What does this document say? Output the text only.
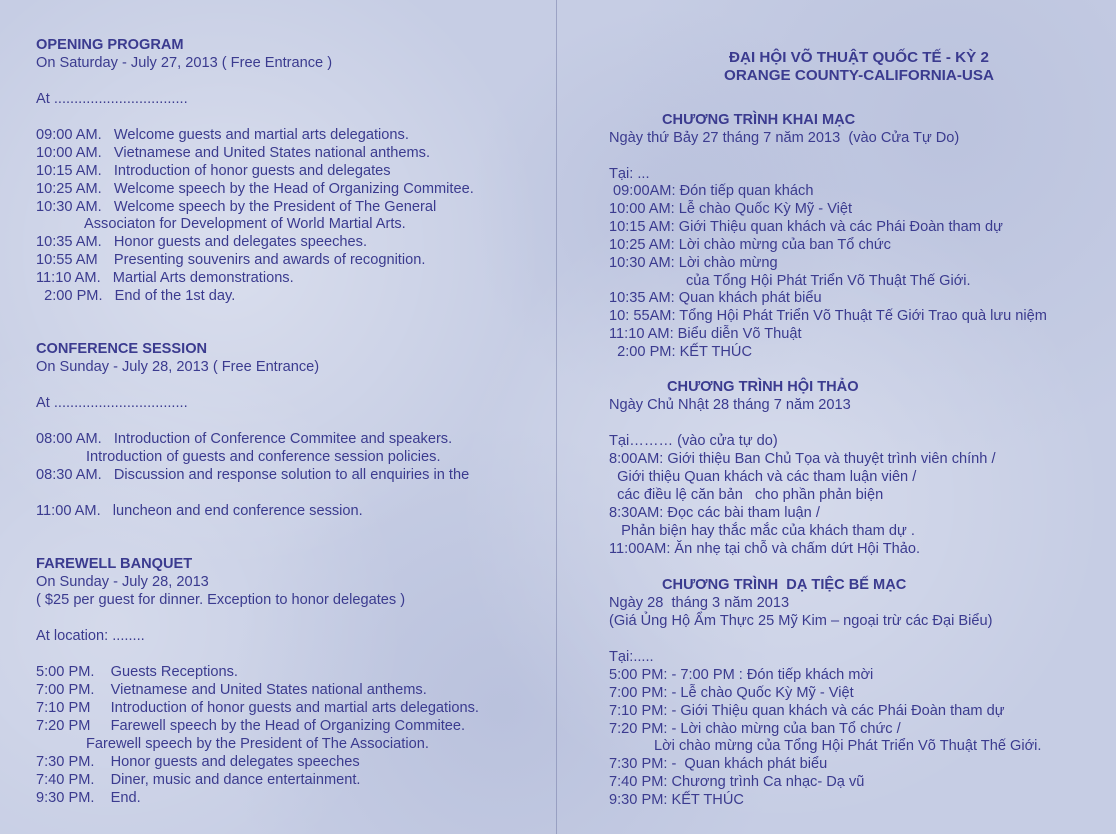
OPENING PROGRAM
On Saturday - July 27, 2013 ( Free Entrance )
At .................................
09:00 AM.   Welcome guests and martial arts delegations.
10:00 AM.   Vietnamese and United States national anthems.
10:15 AM.   Introduction of honor guests and delegates
10:25 AM.   Welcome speech by the Head of Organizing Commitee.
10:30 AM.   Welcome speech by the President of The General
Associaton for Development of World Martial Arts.
10:35 AM.   Honor guests and delegates speeches.
10:55 AM    Presenting souvenirs and awards of recognition.
11:10 AM.   Martial Arts demonstrations.
2:00 PM.   End of the 1st day.
CONFERENCE SESSION
On Sunday - July 28, 2013 ( Free Entrance)
At .................................
08:00 AM.   Introduction of Conference Commitee and speakers.
Introduction of guests and conference session policies.
08:30 AM.   Discussion and response solution to all enquiries in the
11:00 AM.   luncheon and end conference session.
FAREWELL BANQUET
On Sunday - July 28, 2013
( $25 per guest for dinner. Exception to honor delegates )
At location: ........
5:00 PM.    Guests Receptions.
7:00 PM.    Vietnamese and United States national anthems.
7:10 PM     Introduction of honor guests and martial arts delegations.
7:20 PM     Farewell speech by the Head of Organizing Commitee.
Farewell speech by the President of The Association.
7:30 PM.    Honor guests and delegates speeches
7:40 PM.    Diner, music and dance entertainment.
9:30 PM.    End.
ĐẠI HỘI VÕ THUẬT QUỐC TẾ - KỲ 2
ORANGE COUNTY-CALIFORNIA-USA
CHƯƠNG TRÌNH KHAI MẠC
Ngày thứ Bảy 27 tháng 7 năm 2013  (vào Cửa Tự Do)
Tại: ...
09:00AM: Đón tiếp quan khách
10:00 AM: Lễ chào Quốc Kỳ Mỹ - Việt
10:15 AM: Giới Thiệu quan khách và các Phái Đoàn tham dự
10:25 AM: Lời chào mừng của ban Tổ chức
10:30 AM: Lời chào mừng
của Tổng Hội Phát Triển Võ Thuật Thế Giới.
10:35 AM: Quan khách phát biểu
10: 55AM: Tổng Hội Phát Triển Võ Thuật Tế Giới Trao quà lưu niệm
11:10 AM: Biểu diễn Võ Thuật
2:00 PM: KẾT THÚC
CHƯƠNG TRÌNH HỘI THẢO
Ngày Chủ Nhật 28 tháng 7 năm 2013
Tại……… (vào cửa tự do)
8:00AM: Giới thiệu Ban Chủ Tọa và thuyệt trình viên chính /
Giới thiệu Quan khách và các tham luận viên /
các điều lệ căn bản   cho phần phản biện
8:30AM: Đọc các bài tham luận /
Phản biện hay thắc mắc của khách tham dự .
11:00AM: Ăn nhẹ tại chỗ và chấm dứt Hội Thảo.
CHƯƠNG TRÌNH  DẠ TIỆC BẾ MẠC
Ngày 28  tháng 3 năm 2013
(Giá Ủng Hộ Ẩm Thực 25 Mỹ Kim – ngoại trừ các Đại Biểu)
Tại:.....
5:00 PM: - 7:00 PM : Đón tiếp khách mời
7:00 PM: - Lễ chào Quốc Kỳ Mỹ - Việt
7:10 PM: - Giới Thiệu quan khách và các Phái Đoàn tham dự
7:20 PM: - Lời chào mừng của ban Tổ chức /
Lời chào mừng của Tổng Hội Phát Triển Võ Thuật Thế Giới.
7:30 PM: -  Quan khách phát biểu
7:40 PM: Chương trình Ca nhạc- Dạ vũ
9:30 PM: KẾT THÚC
